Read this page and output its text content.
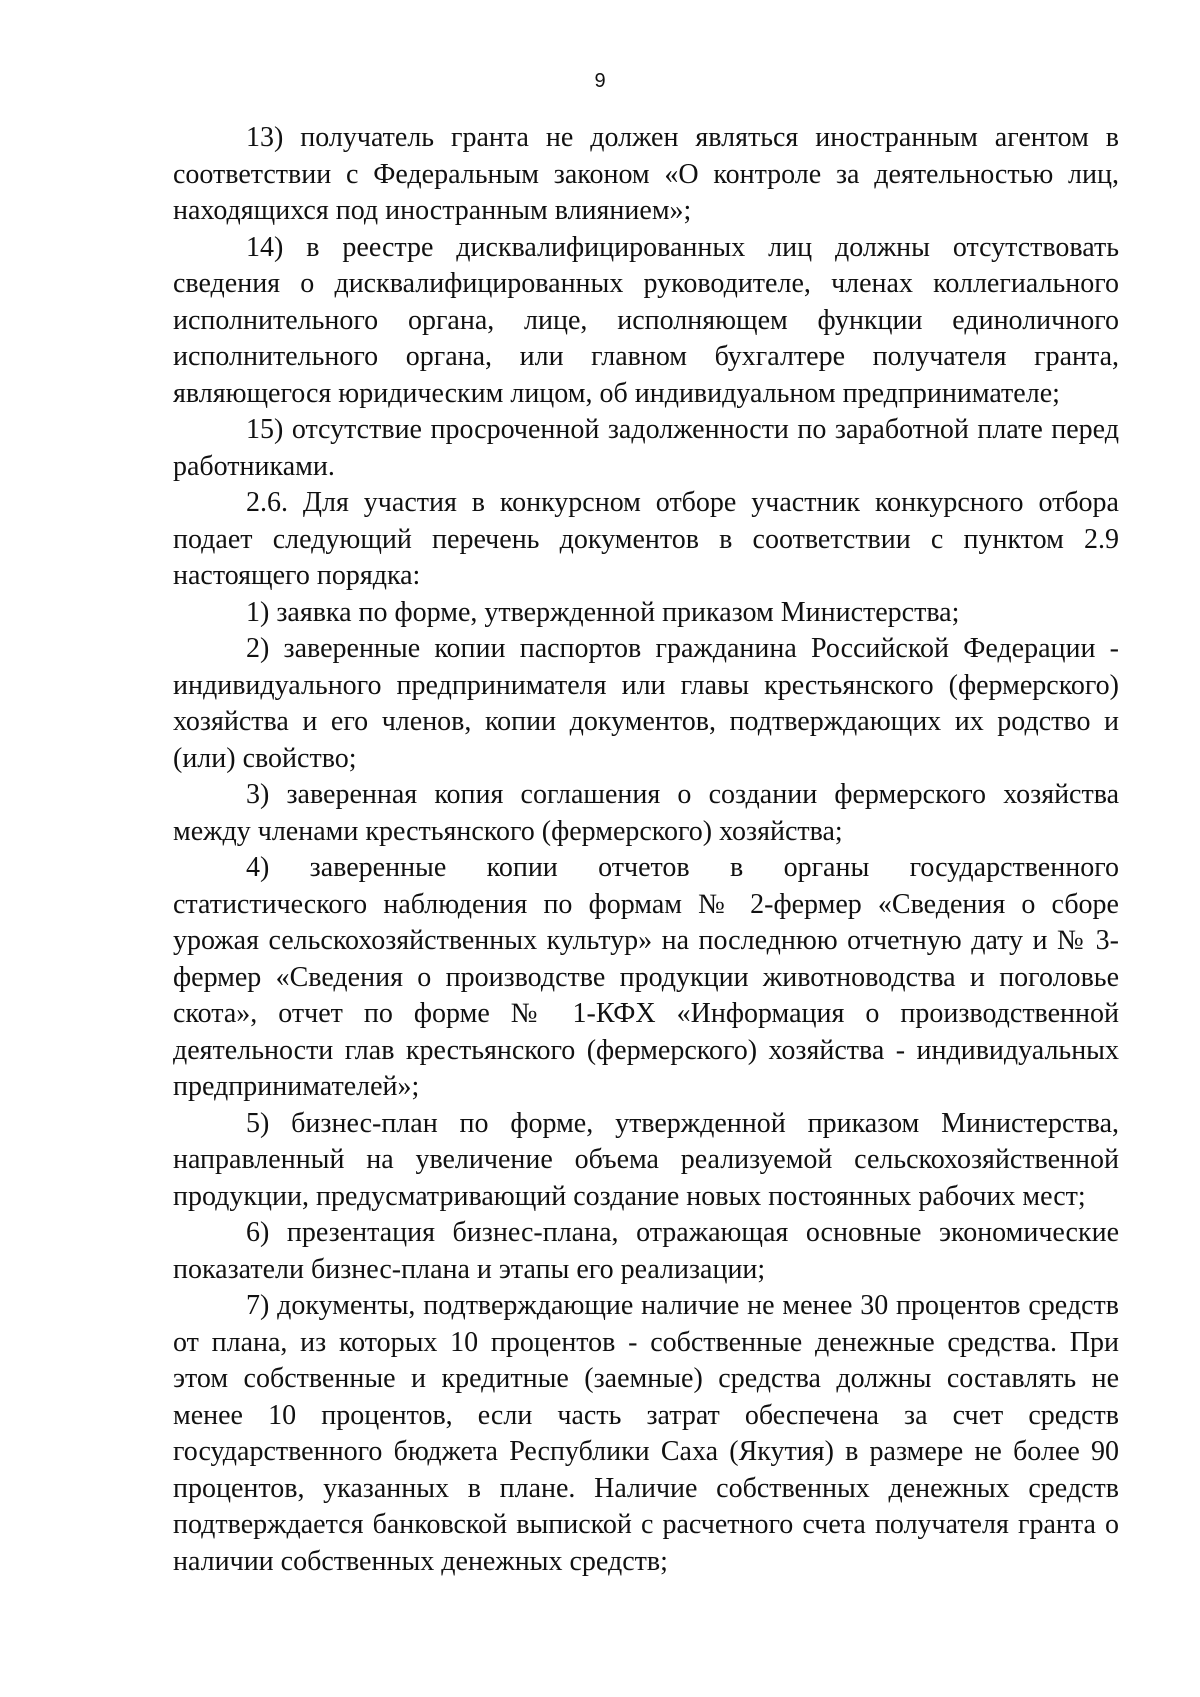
9

13) получатель гранта не должен являться иностранным агентом в соответствии с Федеральным законом «О контроле за деятельностью лиц, находящихся под иностранным влиянием»;

14) в реестре дисквалифицированных лиц должны отсутствовать сведения о дисквалифицированных руководителе, членах коллегиального исполнительного органа, лице, исполняющем функции единоличного исполнительного органа, или главном бухгалтере получателя гранта, являющегося юридическим лицом, об индивидуальном предпринимателе;

15) отсутствие просроченной задолженности по заработной плате перед работниками.

2.6. Для участия в конкурсном отборе участник конкурсного отбора подает следующий перечень документов в соответствии с пунктом 2.9 настоящего порядка:

1) заявка по форме, утвержденной приказом Министерства;

2) заверенные копии паспортов гражданина Российской Федерации - индивидуального предпринимателя или главы крестьянского (фермерского) хозяйства и его членов, копии документов, подтверждающих их родство и (или) свойство;

3) заверенная копия соглашения о создании фермерского хозяйства между членами крестьянского (фермерского) хозяйства;

4) заверенные копии отчетов в органы государственного статистического наблюдения по формам № 2-фермер «Сведения о сборе урожая сельскохозяйственных культур» на последнюю отчетную дату и № 3-фермер «Сведения о производстве продукции животноводства и поголовье скота», отчет по форме № 1-КФХ «Информация о производственной деятельности глав крестьянского (фермерского) хозяйства - индивидуальных предпринимателей»;

5) бизнес-план по форме, утвержденной приказом Министерства, направленный на увеличение объема реализуемой сельскохозяйственной продукции, предусматривающий создание новых постоянных рабочих мест;

6) презентация бизнес-плана, отражающая основные экономические показатели бизнес-плана и этапы его реализации;

7) документы, подтверждающие наличие не менее 30 процентов средств от плана, из которых 10 процентов - собственные денежные средства. При этом собственные и кредитные (заемные) средства должны составлять не менее 10 процентов, если часть затрат обеспечена за счет средств государственного бюджета Республики Саха (Якутия) в размере не более 90 процентов, указанных в плане. Наличие собственных денежных средств подтверждается банковской выпиской с расчетного счета получателя гранта о наличии собственных денежных средств;
